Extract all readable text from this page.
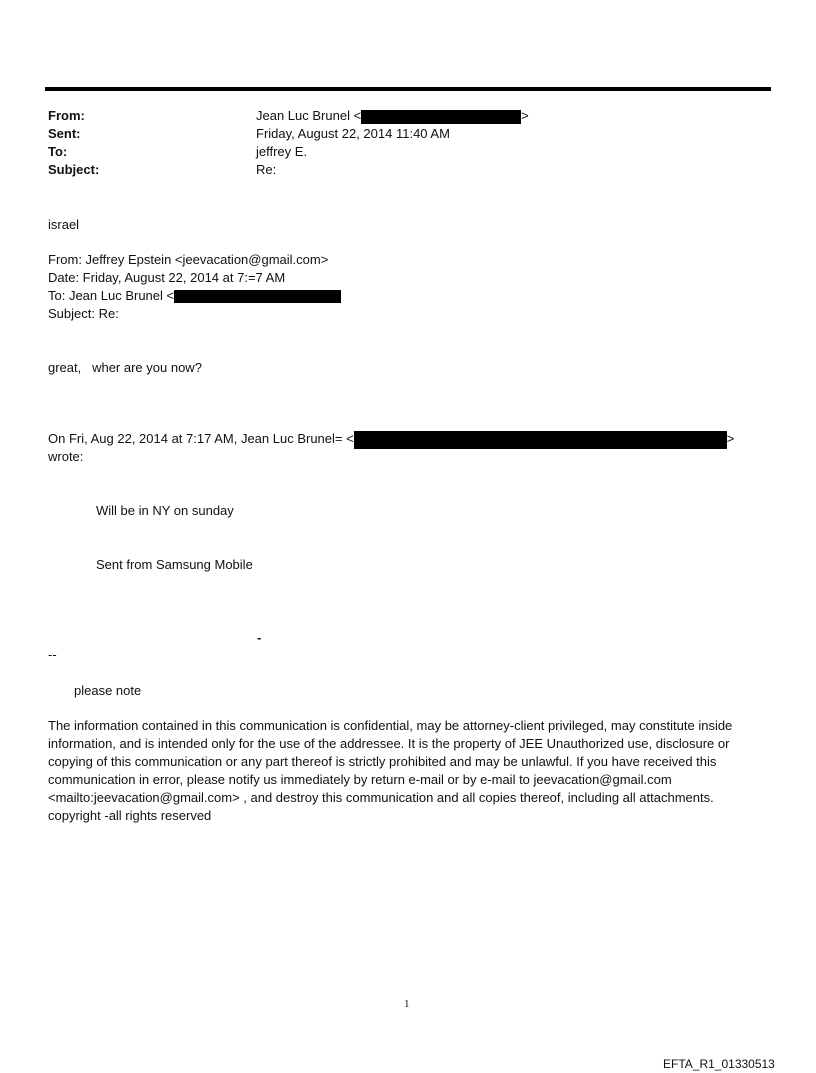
From:	Jean Luc Brunel <	>
Sent:	Friday, August 22, 2014 11:40 AM
To:	jeffrey E.
Subject:	Re:
israel
From: Jeffrey Epstein <jeevacation@gmail.com>
Date: Friday, August 22, 2014 at 7:=7 AM
To: Jean Luc Brunel <
Subject: Re:
great,   wher are you now?
On Fri, Aug 22, 2014 at 7:17 AM, Jean Luc Brunel= <	>
wrote:
Will be in NY on sunday
Sent from Samsung Mobile
-
--
please note
The information contained in this communication is confidential, may be attorney-client privileged, may constitute inside information, and is intended only for the use of the addressee. It is the property of JEE Unauthorized use, disclosure or copying of this communication or any part thereof is strictly prohibited and may be unlawful. If you have received this communication in error, please notify us immediately by return e-mail or by e-mail to jeevacation@gmail.com <mailto:jeevacation@gmail.com> , and destroy this communication and all copies thereof, including all attachments. copyright -all rights reserved
1
EFTA_R1_01330513
